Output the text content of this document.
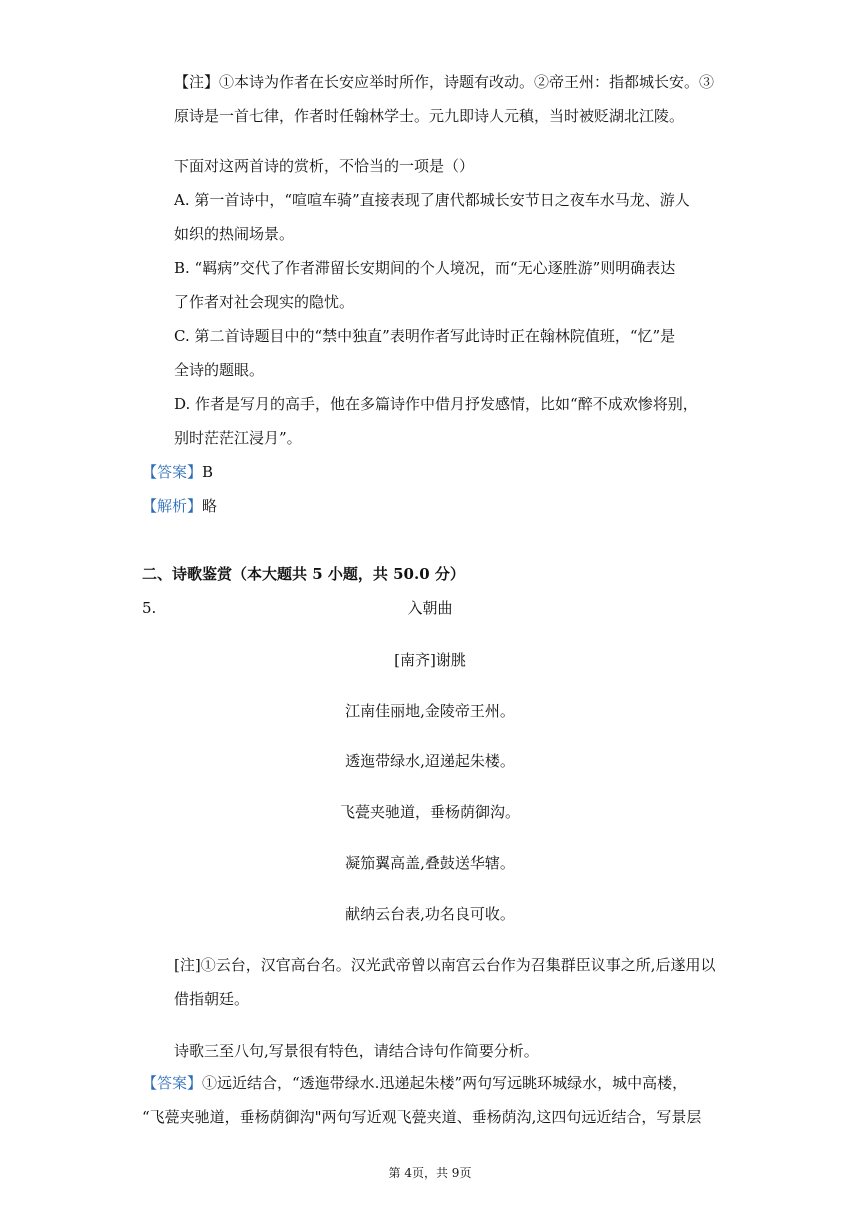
【注】①本诗为作者在长安应举时所作，诗题有改动。②帝王州：指都城长安。③
原诗是一首七律，作者时任翰林学士。元九即诗人元稹，当时被贬湖北江陵。
下面对这两首诗的赏析，不恰当的一项是（）
A. 第一首诗中，“喧喧车骑”直接表现了唐代都城长安节日之夜车水马龙、游人
如织的热闹场景。
B. “羁病”交代了作者滞留长安期间的个人境况，而“无心逐胜游”则明确表达
了作者对社会现实的隐忧。
C. 第二首诗题目中的“禁中独直”表明作者写此诗时正在翰林院值班，“忆”是
全诗的题眼。
D. 作者是写月的高手，他在多篇诗作中借月抒发感情，比如“醉不成欢惨将别，
别时茫茫江浸月”。
【答案】B
【解析】略
二、诗歌鉴赏（本大题共 5 小题，共 50.0 分）
5.	入朝曲
[南齐]谢朓
江南佳丽地,金陵帝王州。
透迤带绿水,迢递起朱楼。
飞甍夹驰道，垂杨荫御沟。
凝笳翼高盖,叠鼓送华辖。
献纳云台表,功名良可收。
[注]①云台，汉官高台名。汉光武帝曾以南宫云台作为召集群臣议事之所,后遂用以
借指朝廷。
诗歌三至八句,写景很有特色，请结合诗句作简要分析。
【答案】①远近结合，“透迤带绿水.迅递起朱楼”两句写远眺环城绿水，城中高楼，
“飞甍夹驰道，垂杨荫御沟"两句写近观飞甍夹道、垂杨荫沟,这四句远近结合，写景层
第 4页，共 9页
